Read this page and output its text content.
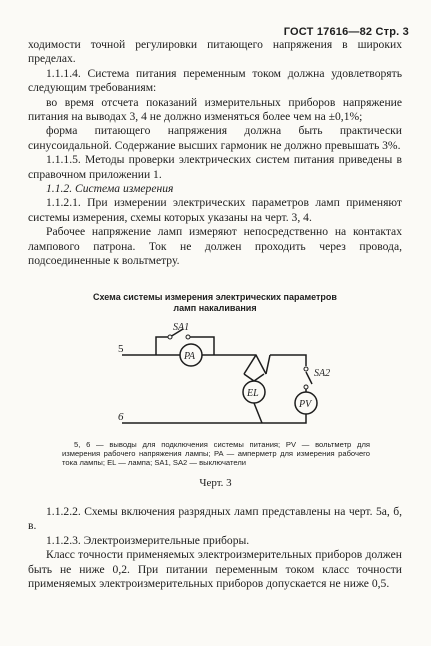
ГОСТ 17616—82 Стр. 3

ходимости точной регулировки питающего напряжения в широких пределах.

1.1.1.4. Система питания переменным током должна удовлетворять следующим требованиям:

во время отсчета показаний измерительных приборов напряжение питания на выводах 3, 4 не должно изменяться более чем на ±0,1%;

форма питающего напряжения должна быть практически синусоидальной. Содержание высших гармоник не должно превышать 3%.

1.1.1.5. Методы проверки электрических систем питания приведены в справочном приложении 1.

1.1.2. Система измерения

1.1.2.1. При измерении электрических параметров ламп применяют системы измерения, схемы которых указаны на черт. 3, 4.

Рабочее напряжение ламп измеряют непосредственно на контактах лампового патрона. Ток не должен проходить через провода, подсоединенные к вольтметру.

Схема системы измерения электрических параметров ламп накаливания
5
6
SA1
SA2
PA
EL
PV
5, 6 — выводы для подключения системы питания; PV — вольтметр для измерения рабочего напряжения лампы; PA — амперметр для измерения рабочего тока лампы; EL — лампа; SA1, SA2 — выключатели
Черт. 3

1.1.2.2. Схемы включения разрядных ламп представлены на черт. 5а, б, в.

1.1.2.3. Электроизмерительные приборы.

Класс точности применяемых электроизмерительных приборов должен быть не ниже 0,2. При питании переменным током класс точности применяемых электроизмерительных приборов допускается не ниже 0,5.
